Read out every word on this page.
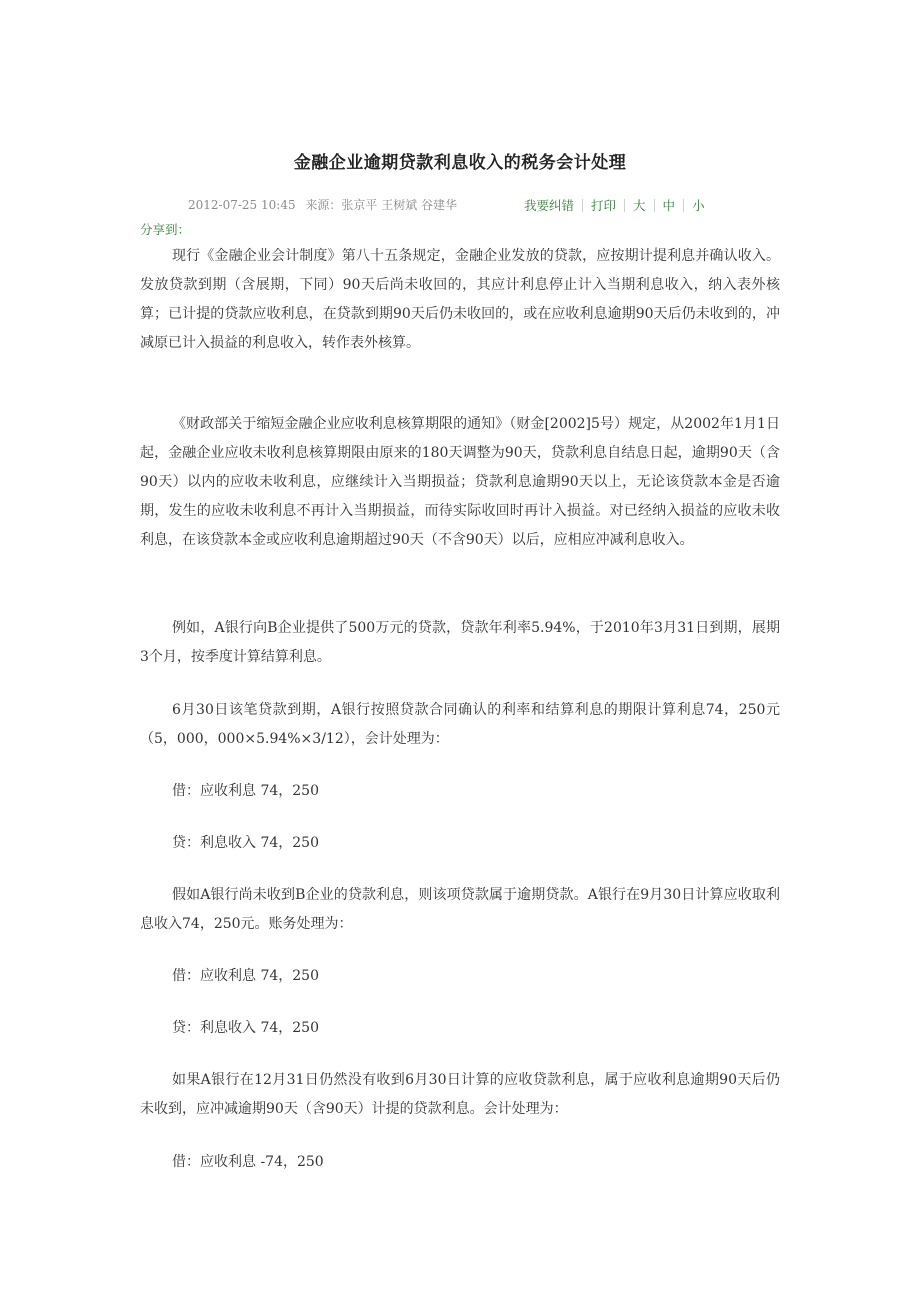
金融企业逾期贷款利息收入的税务会计处理
2012-07-25 10:45 来源：张京平 王树斌 谷建华	我要纠错 打印 大 中 小
分享到：

现行《金融企业会计制度》第八十五条规定，金融企业发放的贷款，应按期计提利息并确认收入。发放贷款到期（含展期，下同）90天后尚未收回的，其应计利息停止计入当期利息收入，纳入表外核算；已计提的贷款应收利息，在贷款到期90天后仍未收回的，或在应收利息逾期90天后仍未收到的，冲减原已计入损益的利息收入，转作表外核算。

《财政部关于缩短金融企业应收利息核算期限的通知》（财金[2002]5号）规定，从2002年1月1日起，金融企业应收未收利息核算期限由原来的180天调整为90天，贷款利息自结息日起，逾期90天（含90天）以内的应收未收利息，应继续计入当期损益；贷款利息逾期90天以上，无论该贷款本金是否逾期，发生的应收未收利息不再计入当期损益，而待实际收回时再计入损益。对已经纳入损益的应收未收利息，在该贷款本金或应收利息逾期超过90天（不含90天）以后，应相应冲减利息收入。

例如，A银行向B企业提供了500万元的贷款，贷款年利率5.94%，于2010年3月31日到期，展期3个月，按季度计算结算利息。

6月30日该笔贷款到期，A银行按照贷款合同确认的利率和结算利息的期限计算利息74，250元（5，000，000×5.94%×3/12），会计处理为：

借：应收利息 74，250

贷：利息收入 74，250

假如A银行尚未收到B企业的贷款利息，则该项贷款属于逾期贷款。A银行在9月30日计算应收取利息收入74，250元。账务处理为：

借：应收利息 74，250

贷：利息收入 74，250

如果A银行在12月31日仍然没有收到6月30日计算的应收贷款利息，属于应收利息逾期90天后仍未收到，应冲减逾期90天（含90天）计提的贷款利息。会计处理为：

借：应收利息 -74，250
